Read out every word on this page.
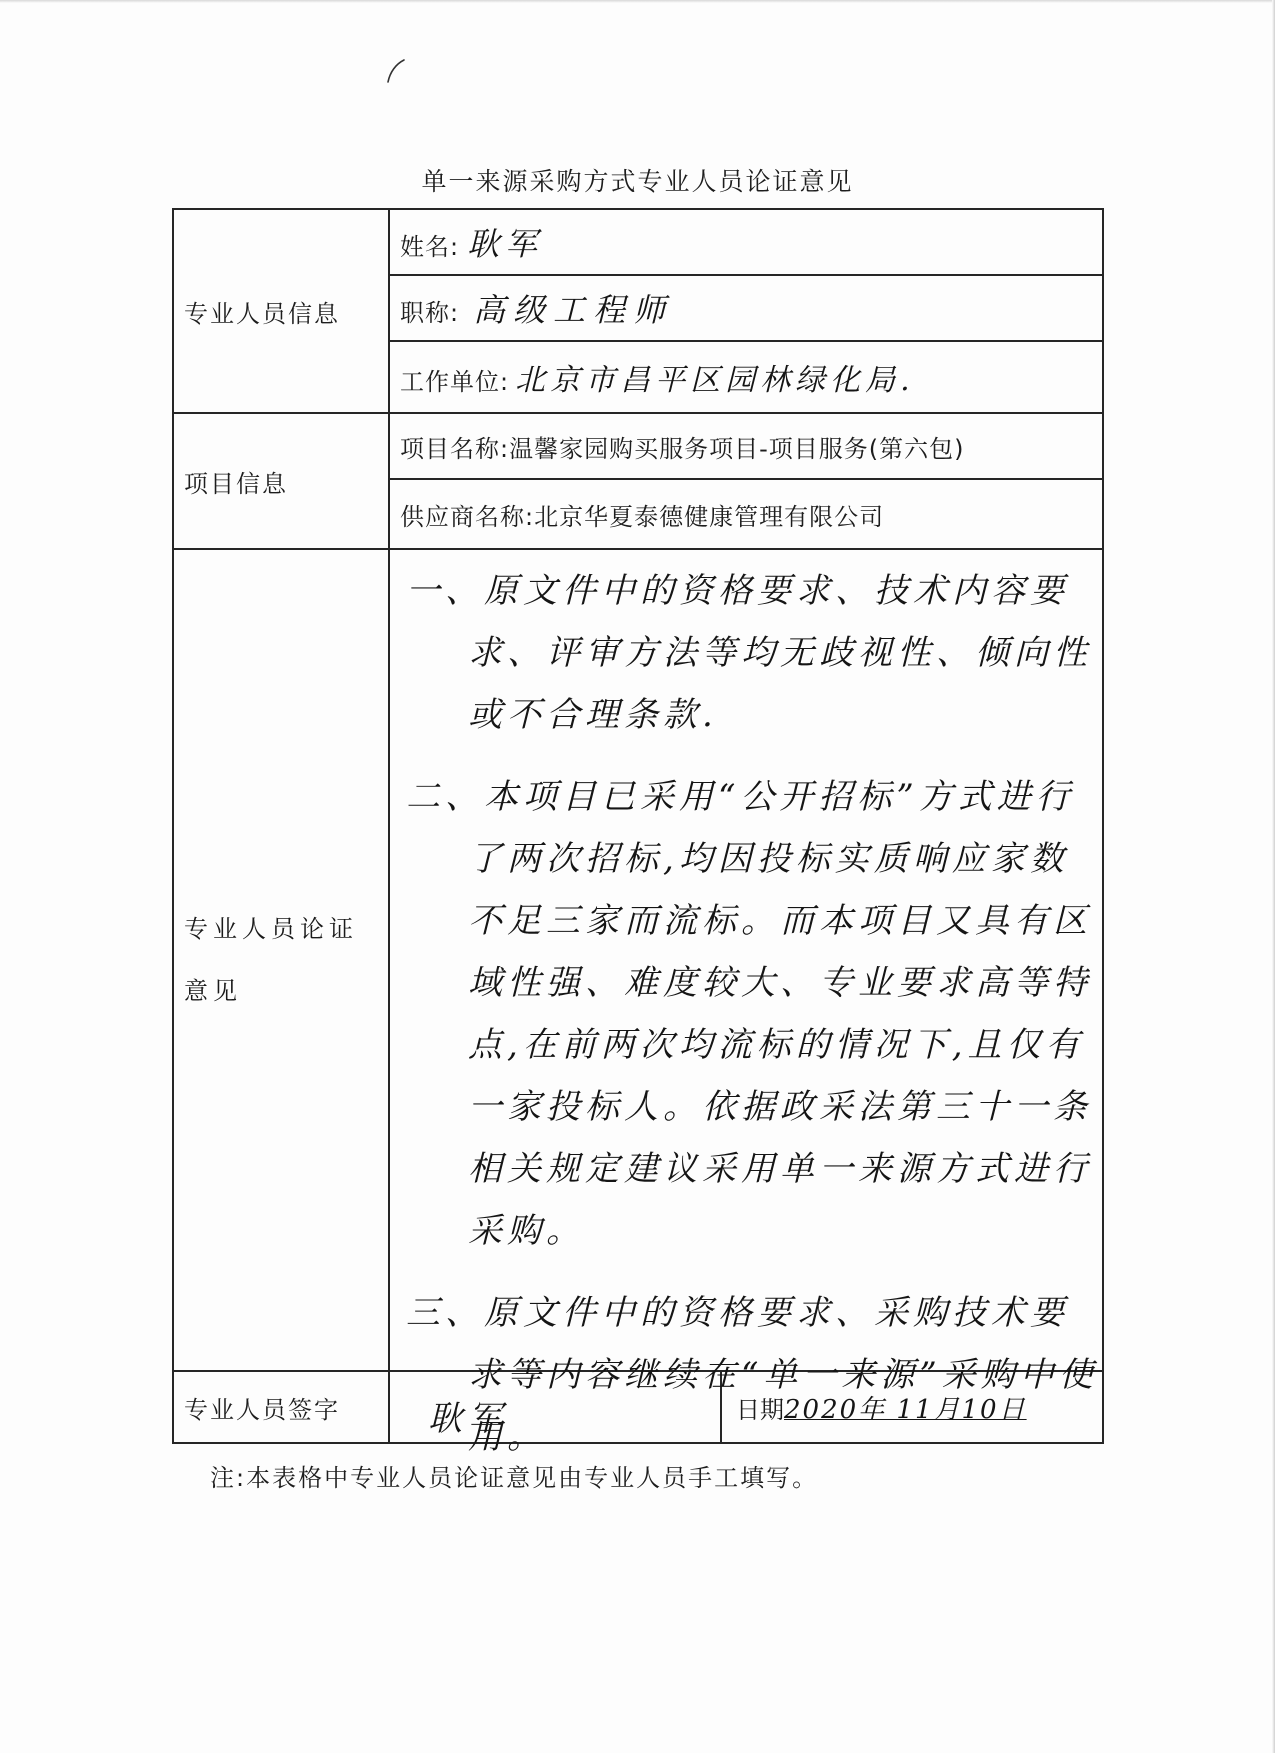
单一来源采购方式专业人员论证意见
专业人员信息	姓名: 耿军	
	职称: 高级工程师	
	工作单位: 北京市昌平区园林绿化局.	
项目信息	项目名称:温馨家园购买服务项目-项目服务(第六包)	
	供应商名称:北京华夏泰德健康管理有限公司	

专业人员论证意见	一、原文件中的资格要求、技术内容要求、评审方法等均无歧视性、倾向性或不合理条款.

二、本项目已采用“公开招标”方式进行了两次招标,均因投标实质响应家数不足三家而流标。而本项目又具有区域性强、难度较大、专业要求高等特点,在前两次均流标的情况下,且仅有一家投标人。依据政采法第三十一条相关规定建议采用单一来源方式进行采购。

三、原文件中的资格要求、采购技术要求等内容继续在“单一来源”采购中使用。	

专业人员签字	耿军	日期2020年 11月10日
注:本表格中专业人员论证意见由专业人员手工填写。
